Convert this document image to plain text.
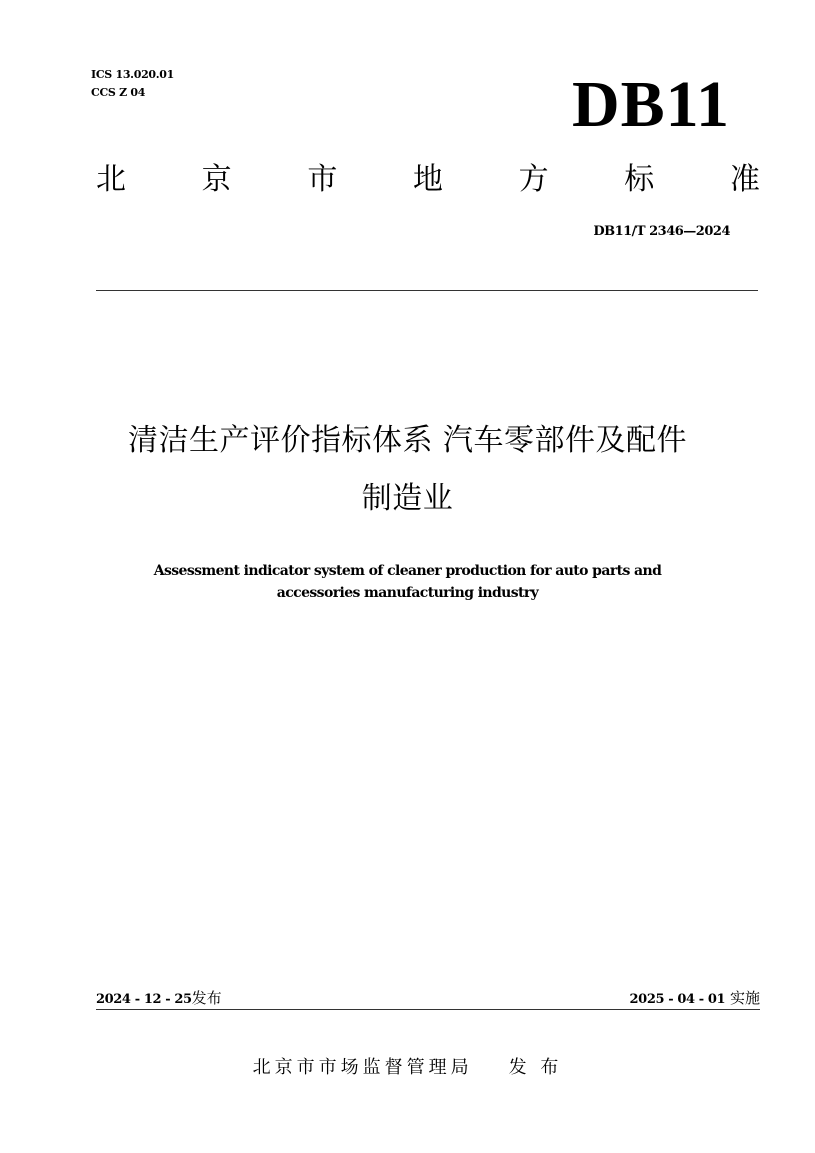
ICS 13.020.01
CCS Z 04	DB11
北	京	市	地	方	标	准
DB11/T 2346—2024
清洁生产评价指标体系 汽车零部件及配件
制造业
Assessment indicator system of cleaner production for auto parts and
accessories manufacturing industry
2024 - 12 - 25发布	2025 - 04 - 01 实施
北京市市场监督管理局 发 布
